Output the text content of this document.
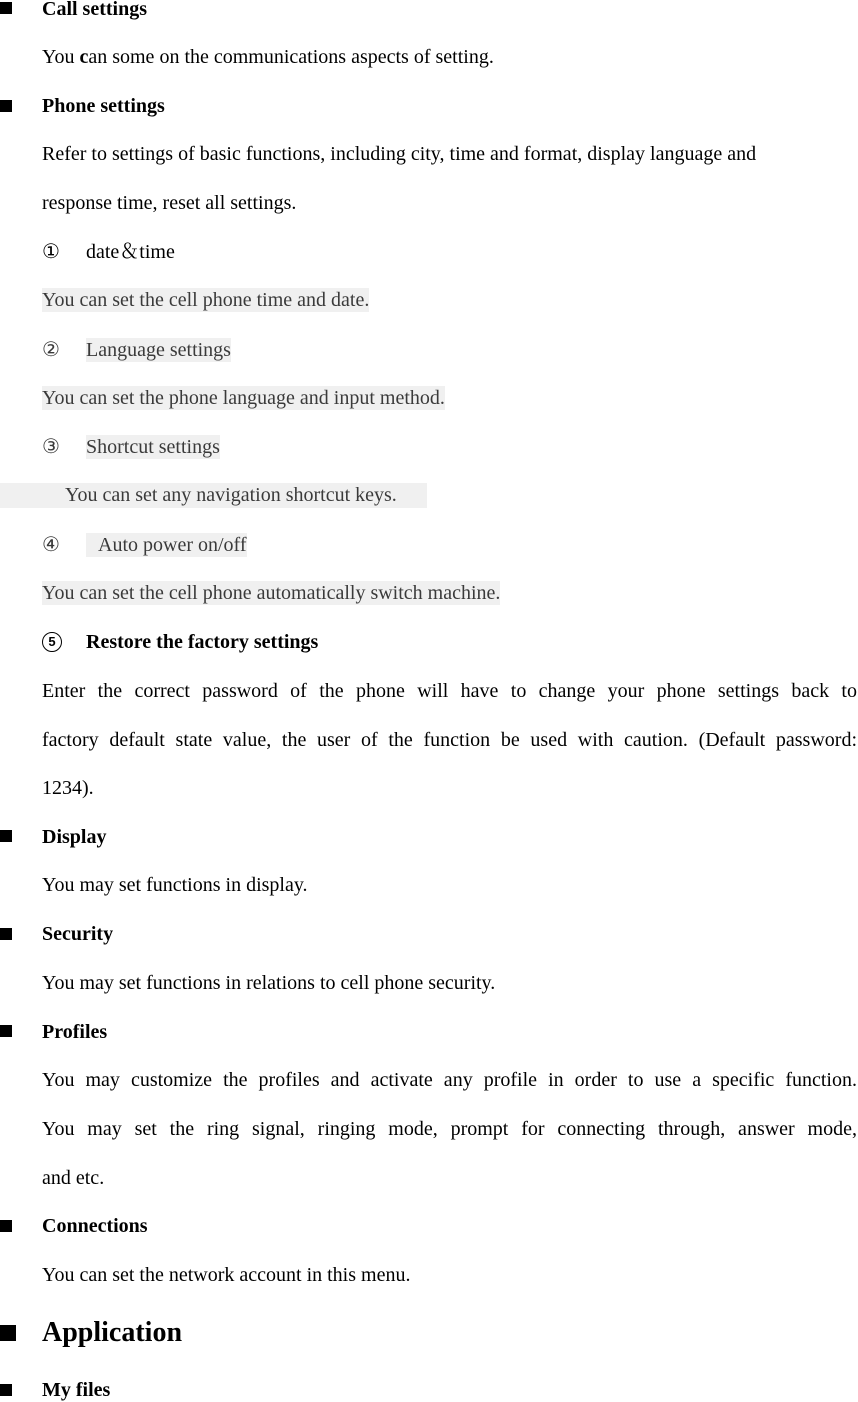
Call settings
You can some on the communications aspects of setting.
Phone settings
Refer to settings of basic functions, including city, time and format, display language and
response time, reset all settings.
① date＆time
You can set the cell phone time and date.
② Language settings
You can set the phone language and input method.
③ Shortcut settings
You can set any navigation shortcut keys.
④	Auto power on/off
You can set the cell phone automatically switch machine.
5	Restore the factory settings
Enter the correct password of the phone will have to change your phone settings back to
factory default state value, the user of the function be used with caution. (Default password:
1234).
Display
You may set functions in display.
Security
You may set functions in relations to cell phone security.
Profiles
You may customize the profiles and activate any profile in order to use a specific function.
You may set the ring signal, ringing mode, prompt for connecting through, answer mode,
and etc.
Connections
You can set the network account in this menu.
Application
My files
